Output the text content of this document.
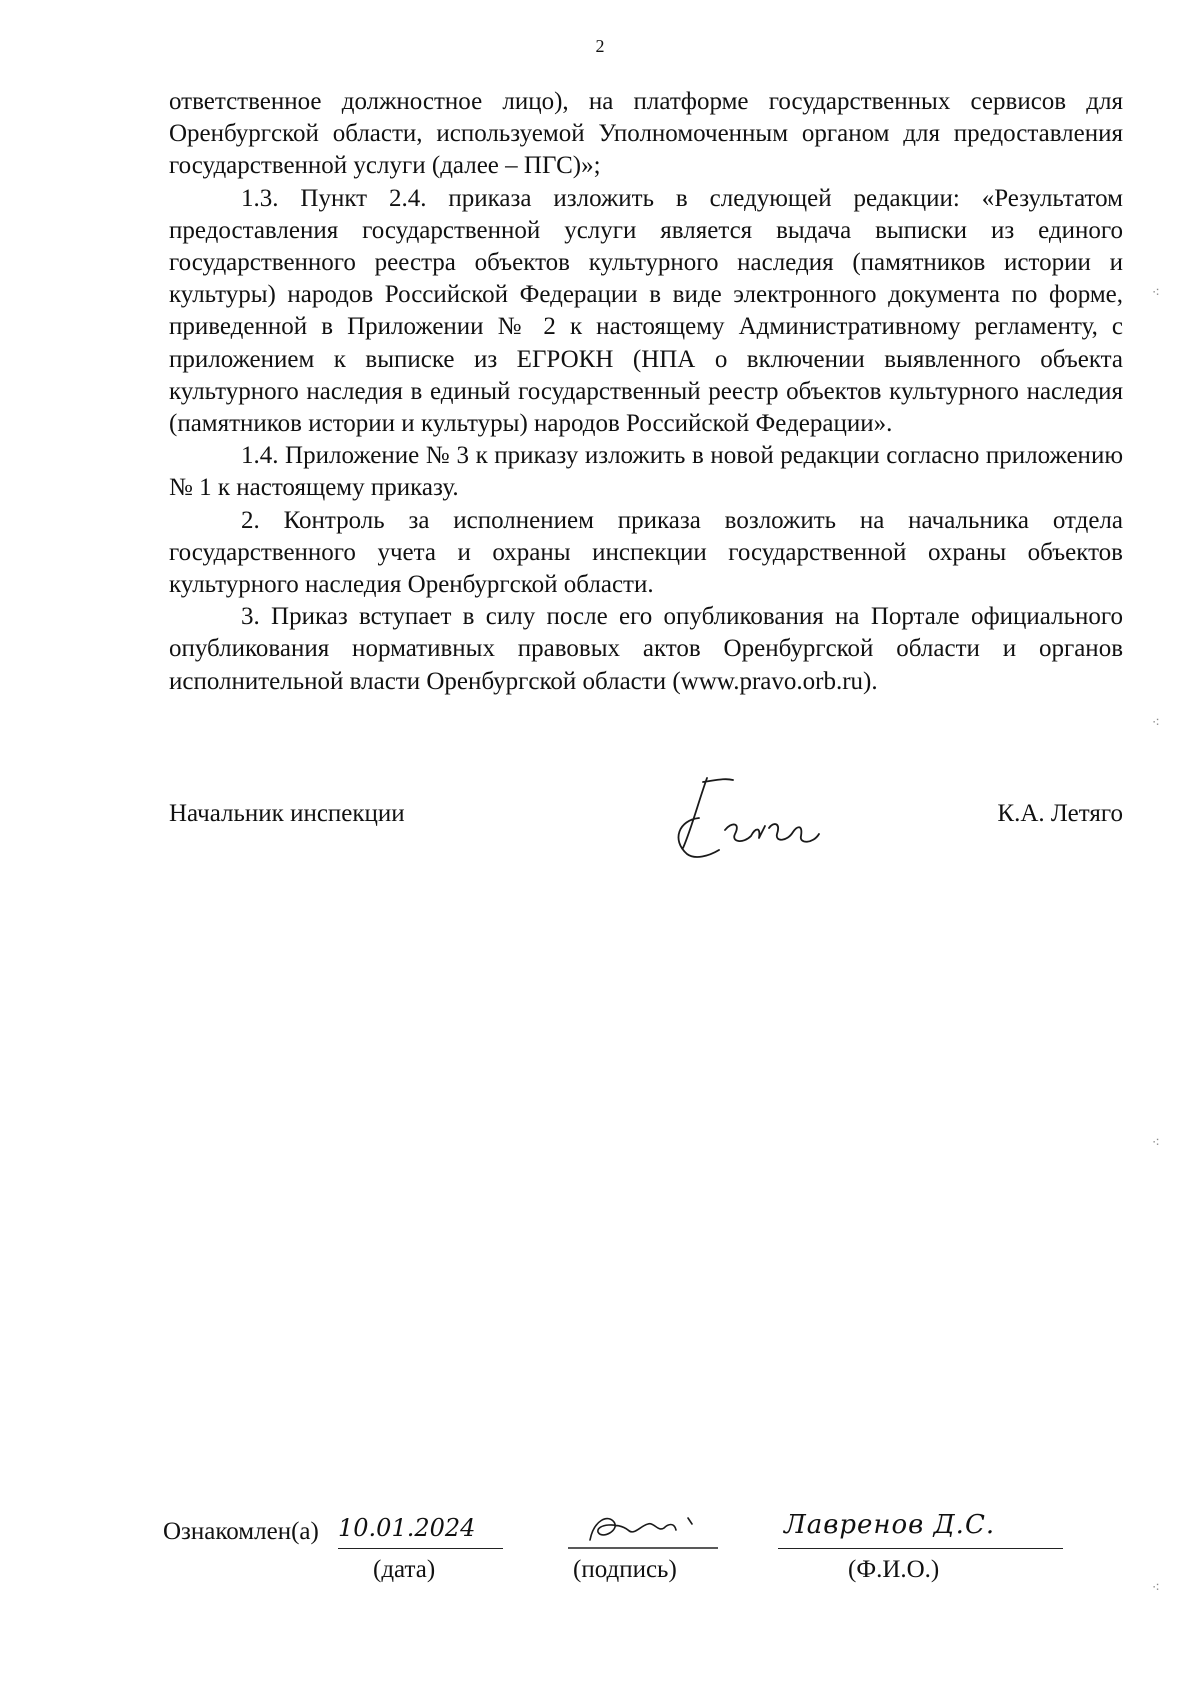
2

ответственное должностное лицо), на платформе государственных сервисов для Оренбургской области, используемой Уполномоченным органом для предоставления государственной услуги (далее – ПГС)»;

1.3. Пункт 2.4. приказа изложить в следующей редакции: «Результатом предоставления государственной услуги является выдача выписки из единого государственного реестра объектов культурного наследия (памятников истории и культуры) народов Российской Федерации в виде электронного документа по форме, приведенной в Приложении № 2 к настоящему Административному регламенту, с приложением к выписке из ЕГРОКН (НПА о включении выявленного объекта культурного наследия в единый государственный реестр объектов культурного наследия (памятников истории и культуры) народов Российской Федерации».

1.4. Приложение № 3 к приказу изложить в новой редакции согласно приложению № 1 к настоящему приказу.

2. Контроль за исполнением приказа возложить на начальника отдела государственного учета и охраны инспекции государственной охраны объектов культурного наследия Оренбургской области.

3. Приказ вступает в силу после его опубликования на Портале официального опубликования нормативных правовых актов Оренбургской области и органов исполнительной власти Оренбургской области (www.pravo.orb.ru).

Начальник инспекции	К.А. Летяго
Ознакомлен(а) 10.01.2024
(дата)	(подпись)
Лавренов Д.С.
(Ф.И.О.)
⁖
⁖
⁖
⁖
